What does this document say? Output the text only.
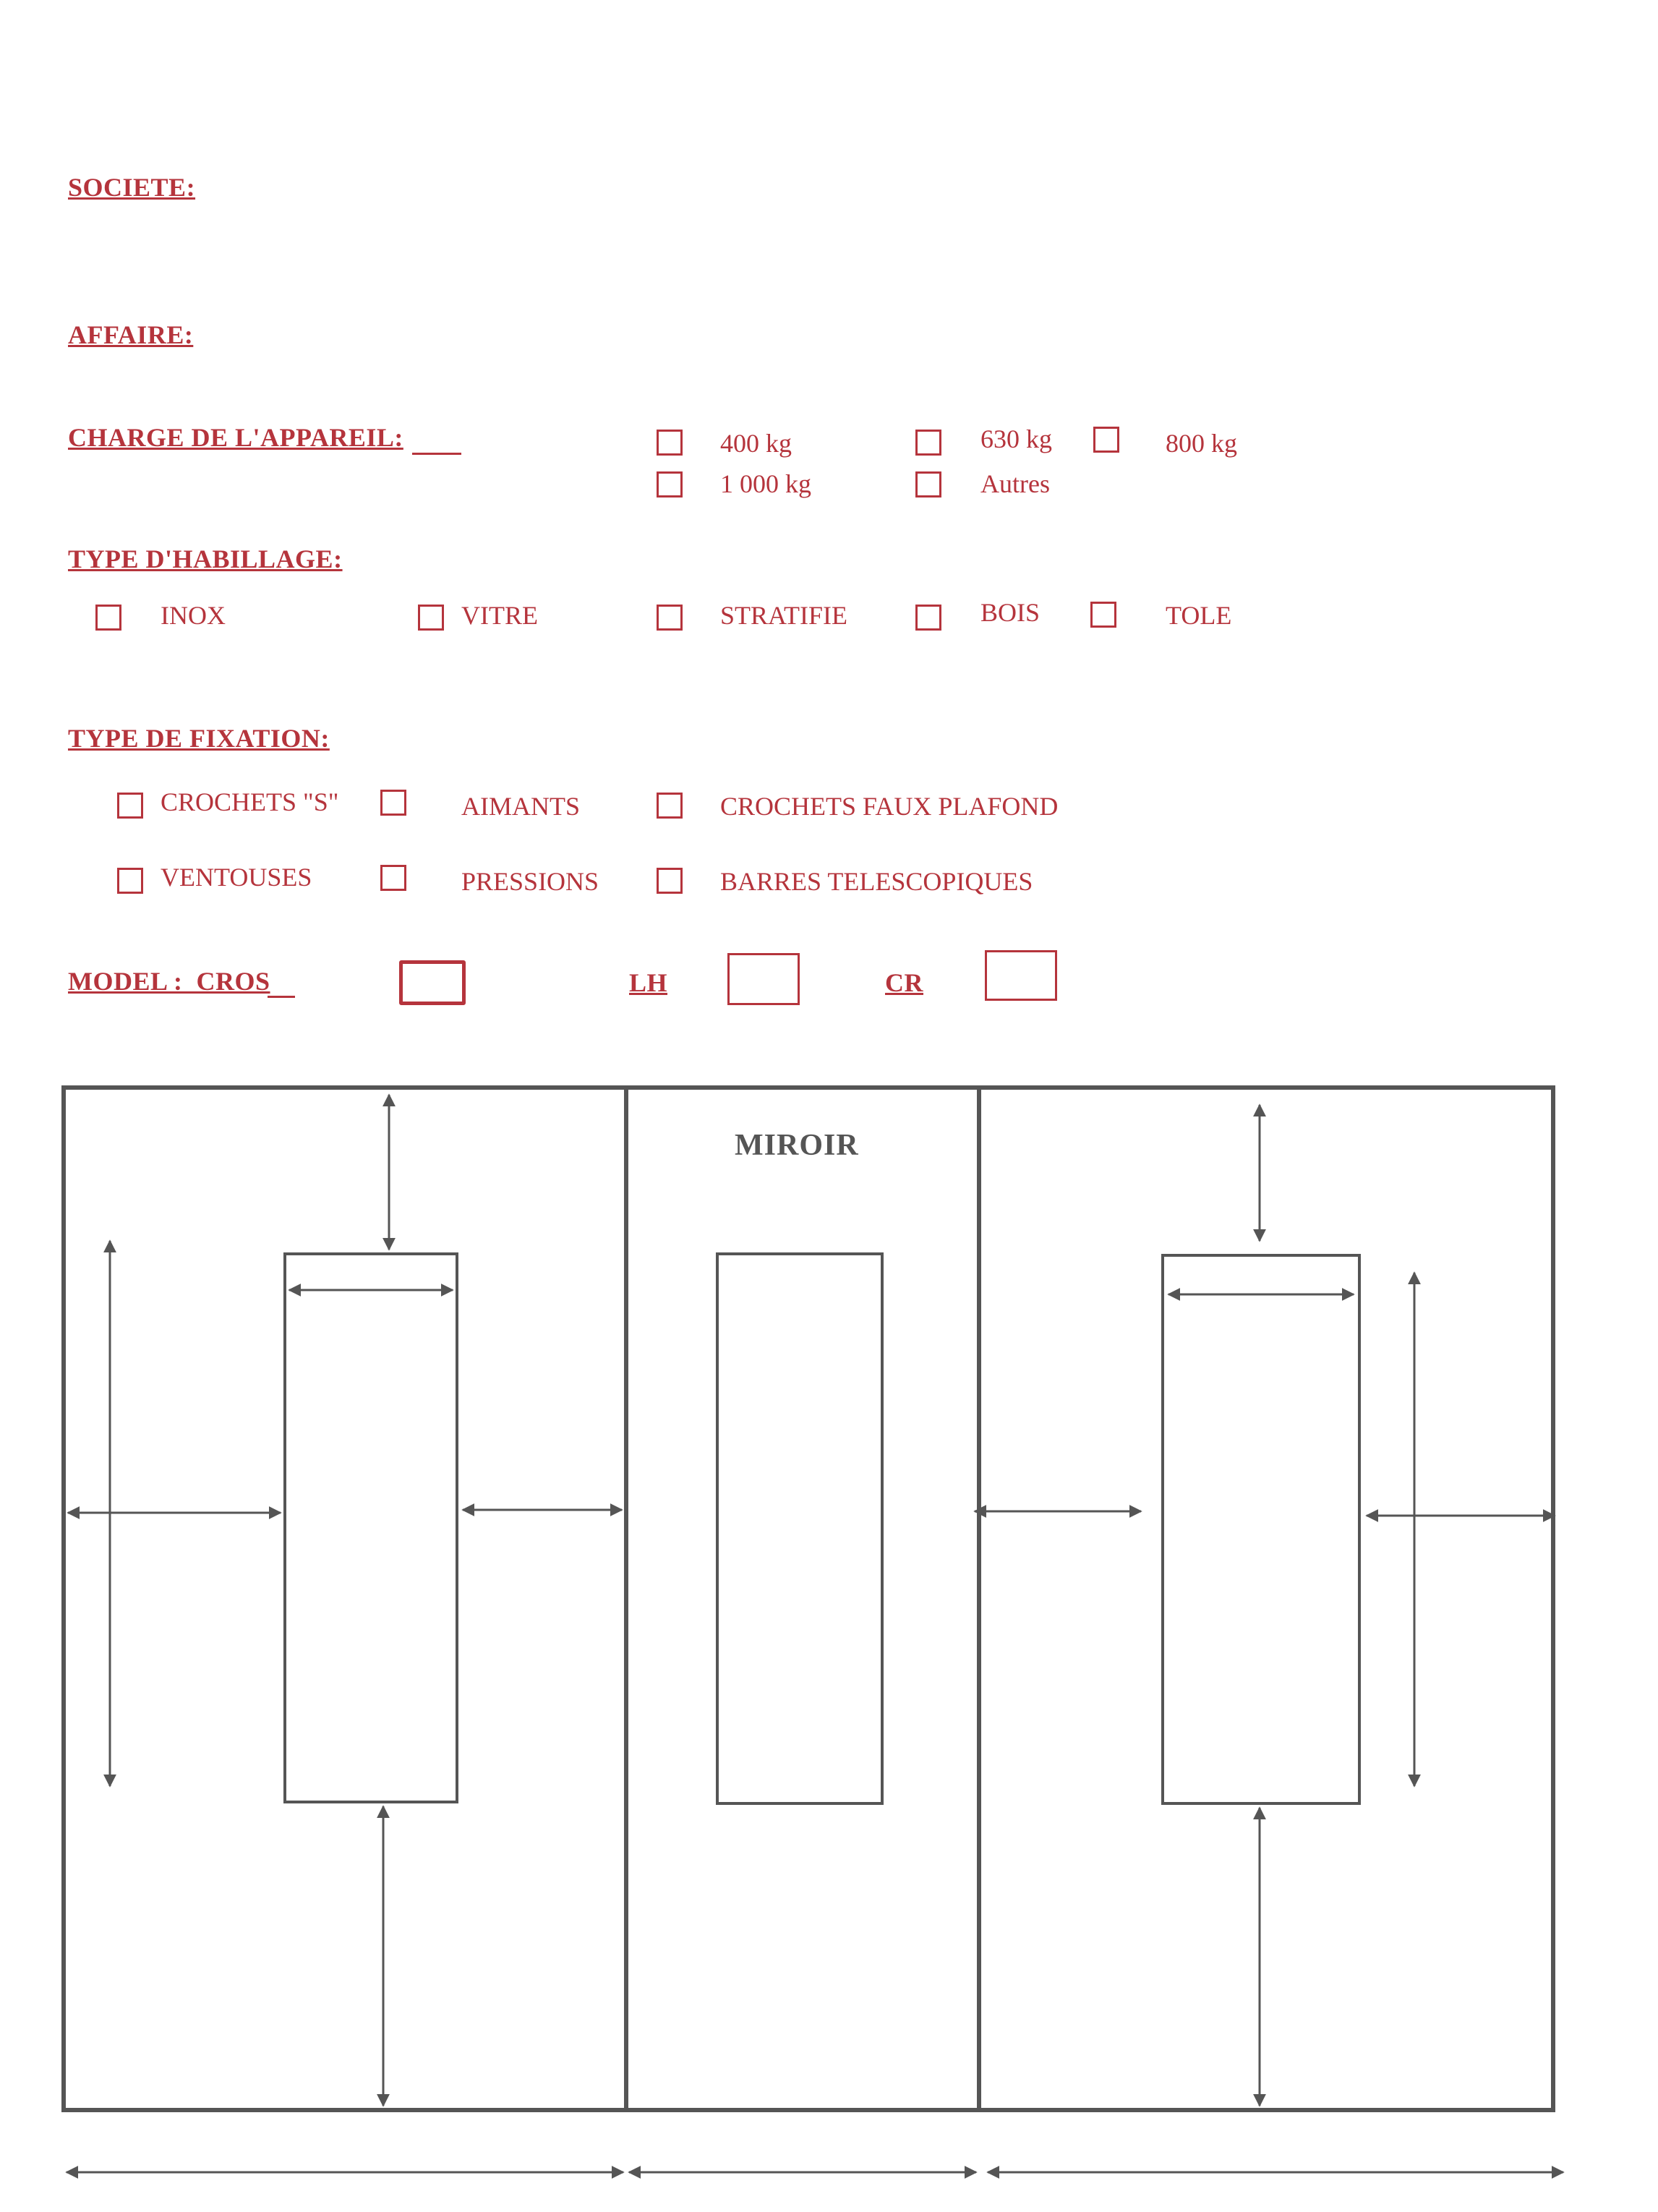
SOCIETE:
AFFAIRE:
CHARGE DE L'APPAREIL:	400 kg	630 kg	800 kg
1 000 kg	Autres
TYPE D'HABILLAGE:
INOX	VITRE	STRATIFIE	BOIS	TOLE
TYPE DE FIXATION:
CROCHETS "S"	AIMANTS	CROCHETS FAUX PLAFOND
VENTOUSES	PRESSIONS	BARRES TELESCOPIQUES
MODEL :  CROS	LH	CR
MIROIR
